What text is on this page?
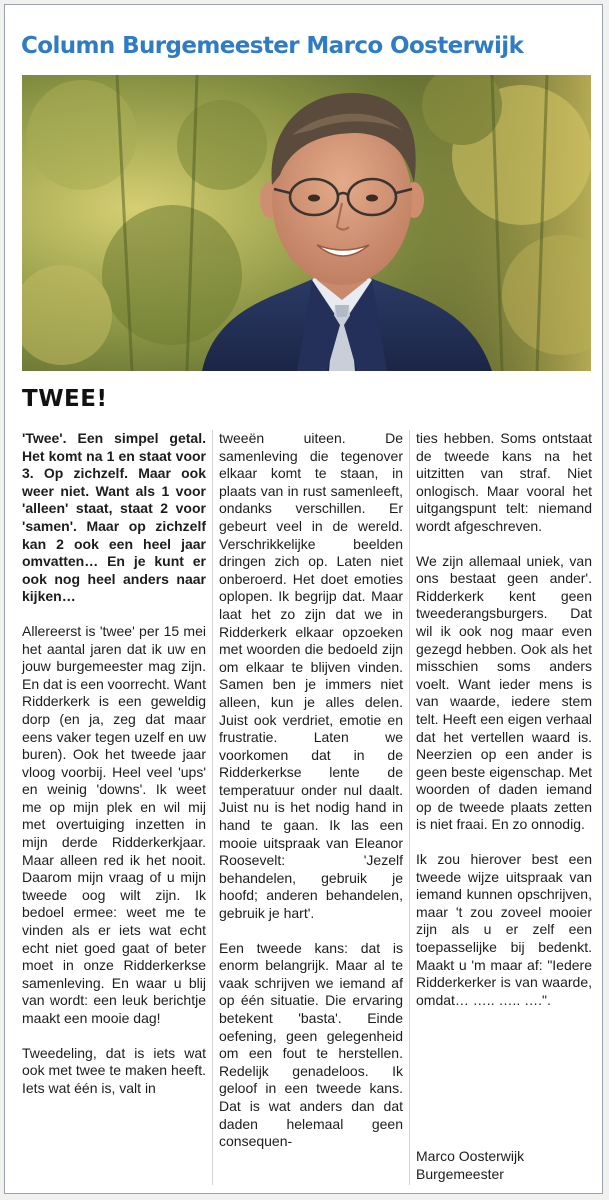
Column Burgemeester Marco Oosterwijk
TWEE!

'Twee'. Een simpel getal. Het komt na 1 en staat voor 3. Op zichzelf. Maar ook weer niet. Want als 1 voor 'alleen' staat, staat 2 voor 'samen'. Maar op zichzelf kan 2 ook een heel jaar omvatten… En je kunt er ook nog heel anders naar kijken…

Allereerst is 'twee' per 15 mei het aantal jaren dat ik uw en jouw burgemeester mag zijn. En dat is een voorrecht. Want Ridderkerk is een geweldig dorp (en ja, zeg dat maar eens vaker tegen uzelf en uw buren). Ook het tweede jaar vloog voorbij. Heel veel 'ups' en weinig 'downs'. Ik weet me op mijn plek en wil mij met overtuiging inzetten in mijn derde Ridderkerkjaar. Maar alleen red ik het nooit. Daarom mijn vraag of u mijn tweede oog wilt zijn. Ik bedoel ermee: weet me te vinden als er iets wat echt echt niet goed gaat of beter moet in onze Ridderkerkse samenleving. En waar u blij van wordt: een leuk berichtje maakt een mooie dag!

Tweedeling, dat is iets wat ook met twee te maken heeft. Iets wat één is, valt in

tweeën uiteen. De samenleving die tegenover elkaar komt te staan, in plaats van in rust samenleeft, ondanks verschillen. Er gebeurt veel in de wereld. Verschrikkelijke beelden dringen zich op. Laten niet onberoerd. Het doet emoties oplopen. Ik begrijp dat. Maar laat het zo zijn dat we in Ridderkerk elkaar opzoeken met woorden die bedoeld zijn om elkaar te blijven vinden. Samen ben je immers niet alleen, kun je alles delen. Juist ook verdriet, emotie en frustratie. Laten we voorkomen dat in de Ridderkerkse lente de temperatuur onder nul daalt. Juist nu is het nodig hand in hand te gaan. Ik las een mooie uitspraak van Eleanor Roosevelt: 'Jezelf behandelen, gebruik je hoofd; anderen behandelen, gebruik je hart'.

Een tweede kans: dat is enorm belangrijk. Maar al te vaak schrijven we iemand af op één situatie. Die ervaring betekent 'basta'. Einde oefening, geen gelegenheid om een fout te herstellen. Redelijk genadeloos. Ik geloof in een tweede kans. Dat is wat anders dan dat daden helemaal geen consequen-

ties hebben. Soms ontstaat de tweede kans na het uitzitten van straf. Niet onlogisch. Maar vooral het uitgangspunt telt: niemand wordt afgeschreven.

We zijn allemaal uniek, van ons bestaat geen ander'. Ridderkerk kent geen tweederangsburgers. Dat wil ik ook nog maar even gezegd hebben. Ook als het misschien soms anders voelt. Want ieder mens is van waarde, iedere stem telt. Heeft een eigen verhaal dat het vertellen waard is. Neerzien op een ander is geen beste eigenschap. Met woorden of daden iemand op de tweede plaats zetten is niet fraai. En zo onnodig.

Ik zou hierover best een tweede wijze uitspraak van iemand kunnen opschrijven, maar 't zou zoveel mooier zijn als u er zelf een toepasselijke bij bedenkt. Maakt u 'm maar af: "Iedere Ridderkerker is van waarde, omdat… ….. ….. ….".

Marco Oosterwijk
Burgemeester
